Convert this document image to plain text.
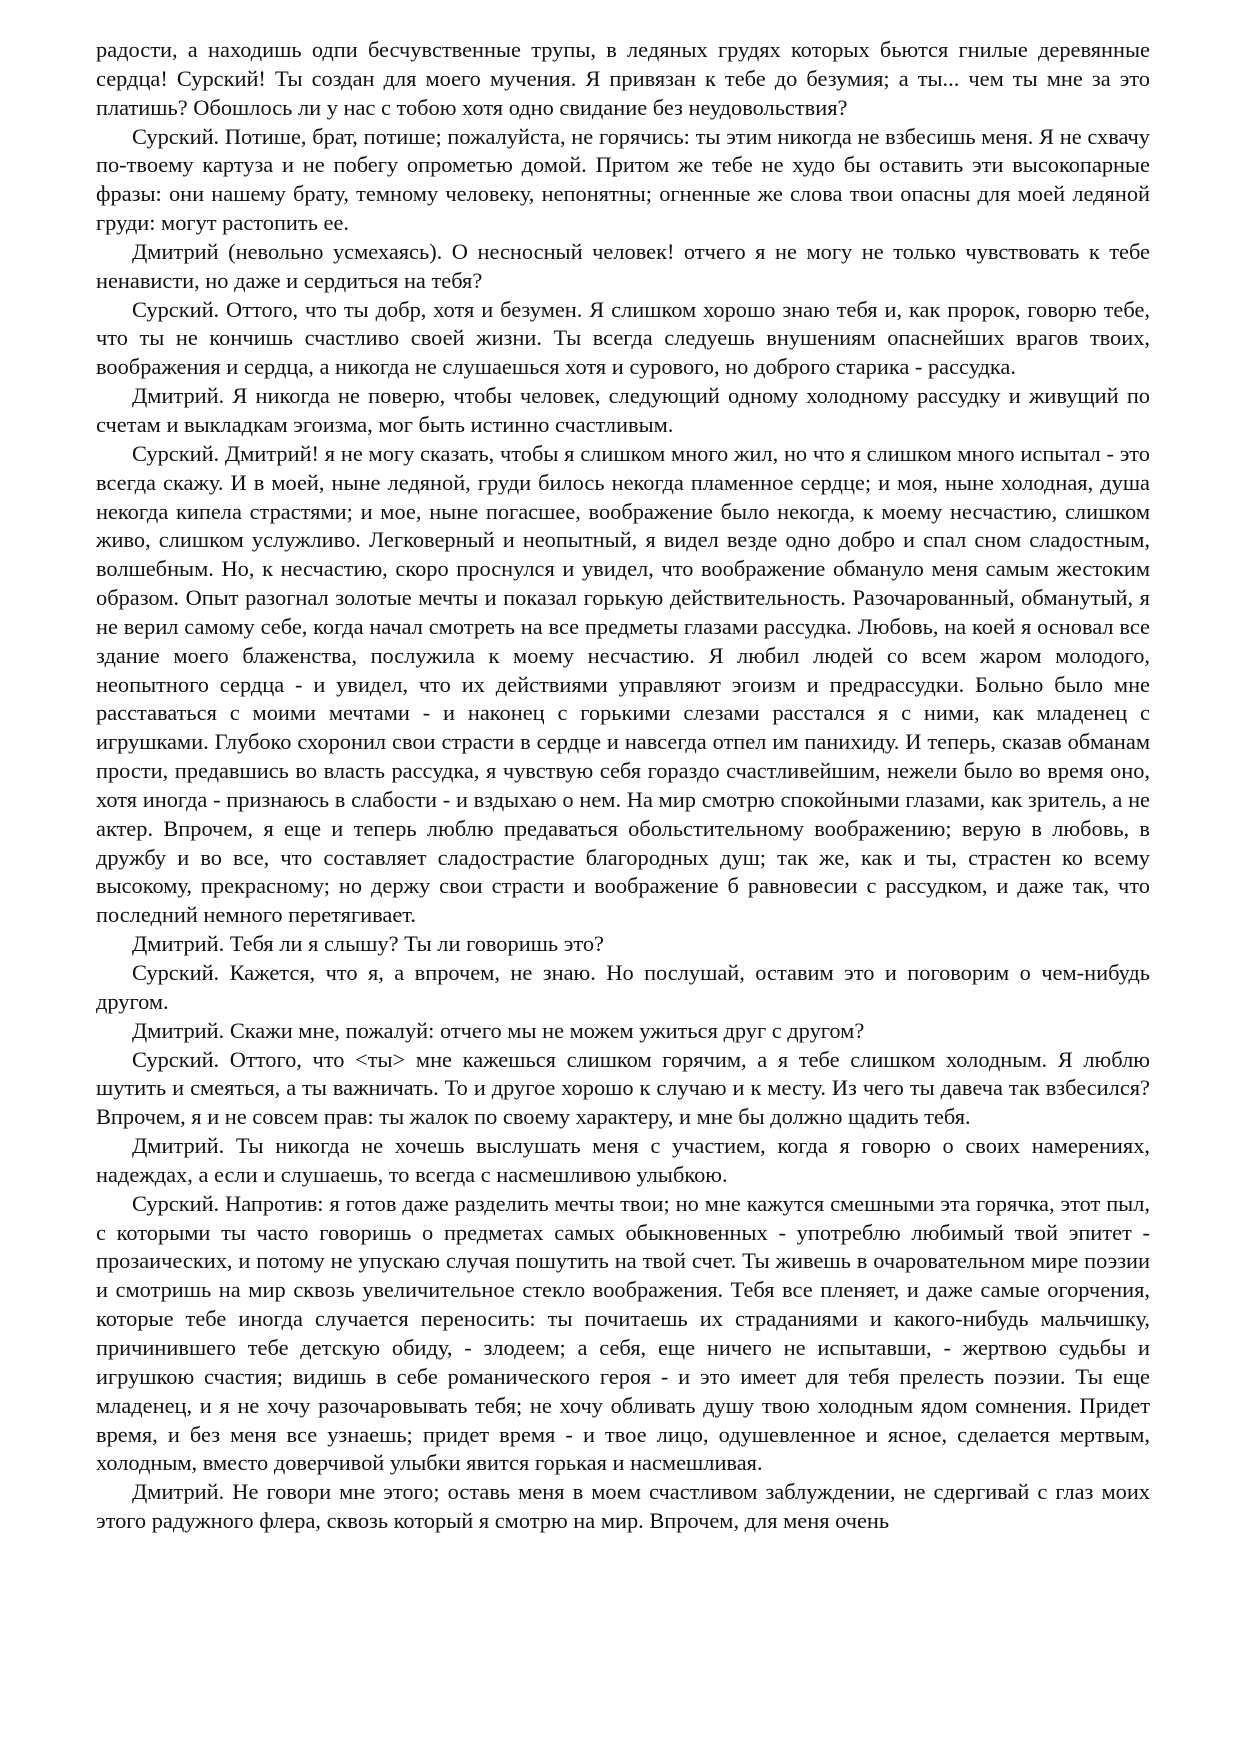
радости, а находишь одпи бесчувственные трупы, в ледяных грудях которых бьются гнилые деревянные сердца! Сурский! Ты создан для моего мучения. Я привязан к тебе до безумия; а ты... чем ты мне за это платишь? Обошлось ли у нас с тобою хотя одно свидание без неудовольствия?

Сурский. Потише, брат, потише; пожалуйста, не горячись: ты этим никогда не взбесишь меня. Я не схвачу по-твоему картуза и не побегу опрометью домой. Притом же тебе не худо бы оставить эти высокопарные фразы: они нашему брату, темному человеку, непонятны; огненные же слова твои опасны для моей ледяной груди: могут растопить ее.

Дмитрий (невольно усмехаясь). О несносный человек! отчего я не могу не только чувствовать к тебе ненависти, но даже и сердиться на тебя?

Сурский. Оттого, что ты добр, хотя и безумен. Я слишком хорошо знаю тебя и, как пророк, говорю тебе, что ты не кончишь счастливо своей жизни. Ты всегда следуешь внушениям опаснейших врагов твоих, воображения и сердца, а никогда не слушаешься хотя и сурового, но доброго старика - рассудка.

Дмитрий. Я никогда не поверю, чтобы человек, следующий одному холодному рассудку и живущий по счетам и выкладкам эгоизма, мог быть истинно счастливым.

Сурский. Дмитрий! я не могу сказать, чтобы я слишком много жил, но что я слишком много испытал - это всегда скажу. И в моей, ныне ледяной, груди билось некогда пламенное сердце; и моя, ныне холодная, душа некогда кипела страстями; и мое, ныне погасшее, воображение было некогда, к моему несчастию, слишком живо, слишком услужливо. Легковерный и неопытный, я видел везде одно добро и спал сном сладостным, волшебным. Но, к несчастию, скоро проснулся и увидел, что воображение обмануло меня самым жестоким образом. Опыт разогнал золотые мечты и показал горькую действительность. Разочарованный, обманутый, я не верил самому себе, когда начал смотреть на все предметы глазами рассудка. Любовь, на коей я основал все здание моего блаженства, послужила к моему несчастию. Я любил людей со всем жаром молодого, неопытного сердца - и увидел, что их действиями управляют эгоизм и предрассудки. Больно было мне расставаться с моими мечтами - и наконец с горькими слезами расстался я с ними, как младенец с игрушками. Глубоко схоронил свои страсти в сердце и навсегда отпел им панихиду. И теперь, сказав обманам прости, предавшись во власть рассудка, я чувствую себя гораздо счастливейшим, нежели было во время оно, хотя иногда - признаюсь в слабости - и вздыхаю о нем. На мир смотрю спокойными глазами, как зритель, а не актер. Впрочем, я еще и теперь люблю предаваться обольстительному воображению; верую в любовь, в дружбу и во все, что составляет сладострастие благородных душ; так же, как и ты, страстен ко всему высокому, прекрасному; но держу свои страсти и воображение б равновесии с рассудком, и даже так, что последний немного перетягивает.

Дмитрий. Тебя ли я слышу? Ты ли говоришь это?

Сурский. Кажется, что я, а впрочем, не знаю. Но послушай, оставим это и поговорим о чем-нибудь другом.

Дмитрий. Скажи мне, пожалуй: отчего мы не можем ужиться друг с другом?

Сурский. Оттого, что <ты> мне кажешься слишком горячим, а я тебе слишком холодным. Я люблю шутить и смеяться, а ты важничать. То и другое хорошо к случаю и к месту. Из чего ты давеча так взбесился? Впрочем, я и не совсем прав: ты жалок по своему характеру, и мне бы должно щадить тебя.

Дмитрий. Ты никогда не хочешь выслушать меня с участием, когда я говорю о своих намерениях, надеждах, а если и слушаешь, то всегда с насмешливою улыбкою.

Сурский. Напротив: я готов даже разделить мечты твои; но мне кажутся смешными эта горячка, этот пыл, с которыми ты часто говоришь о предметах самых обыкновенных - употреблю любимый твой эпитет - прозаических, и потому не упускаю случая пошутить на твой счет. Ты живешь в очаровательном мире поэзии и смотришь на мир сквозь увеличительное стекло воображения. Тебя все пленяет, и даже самые огорчения, которые тебе иногда случается переносить: ты почитаешь их страданиями и какого-нибудь мальчишку, причинившего тебе детскую обиду, - злодеем; а себя, еще ничего не испытавши, - жертвою судьбы и игрушкою счастия; видишь в себе романического героя - и это имеет для тебя прелесть поэзии. Ты еще младенец, и я не хочу разочаровывать тебя; не хочу обливать душу твою холодным ядом сомнения. Придет время, и без меня все узнаешь; придет время - и твое лицо, одушевленное и ясное, сделается мертвым, холодным, вместо доверчивой улыбки явится горькая и насмешливая.

Дмитрий. Не говори мне этого; оставь меня в моем счастливом заблуждении, не сдергивай с глаз моих этого радужного флера, сквозь который я смотрю на мир. Впрочем, для меня очень
